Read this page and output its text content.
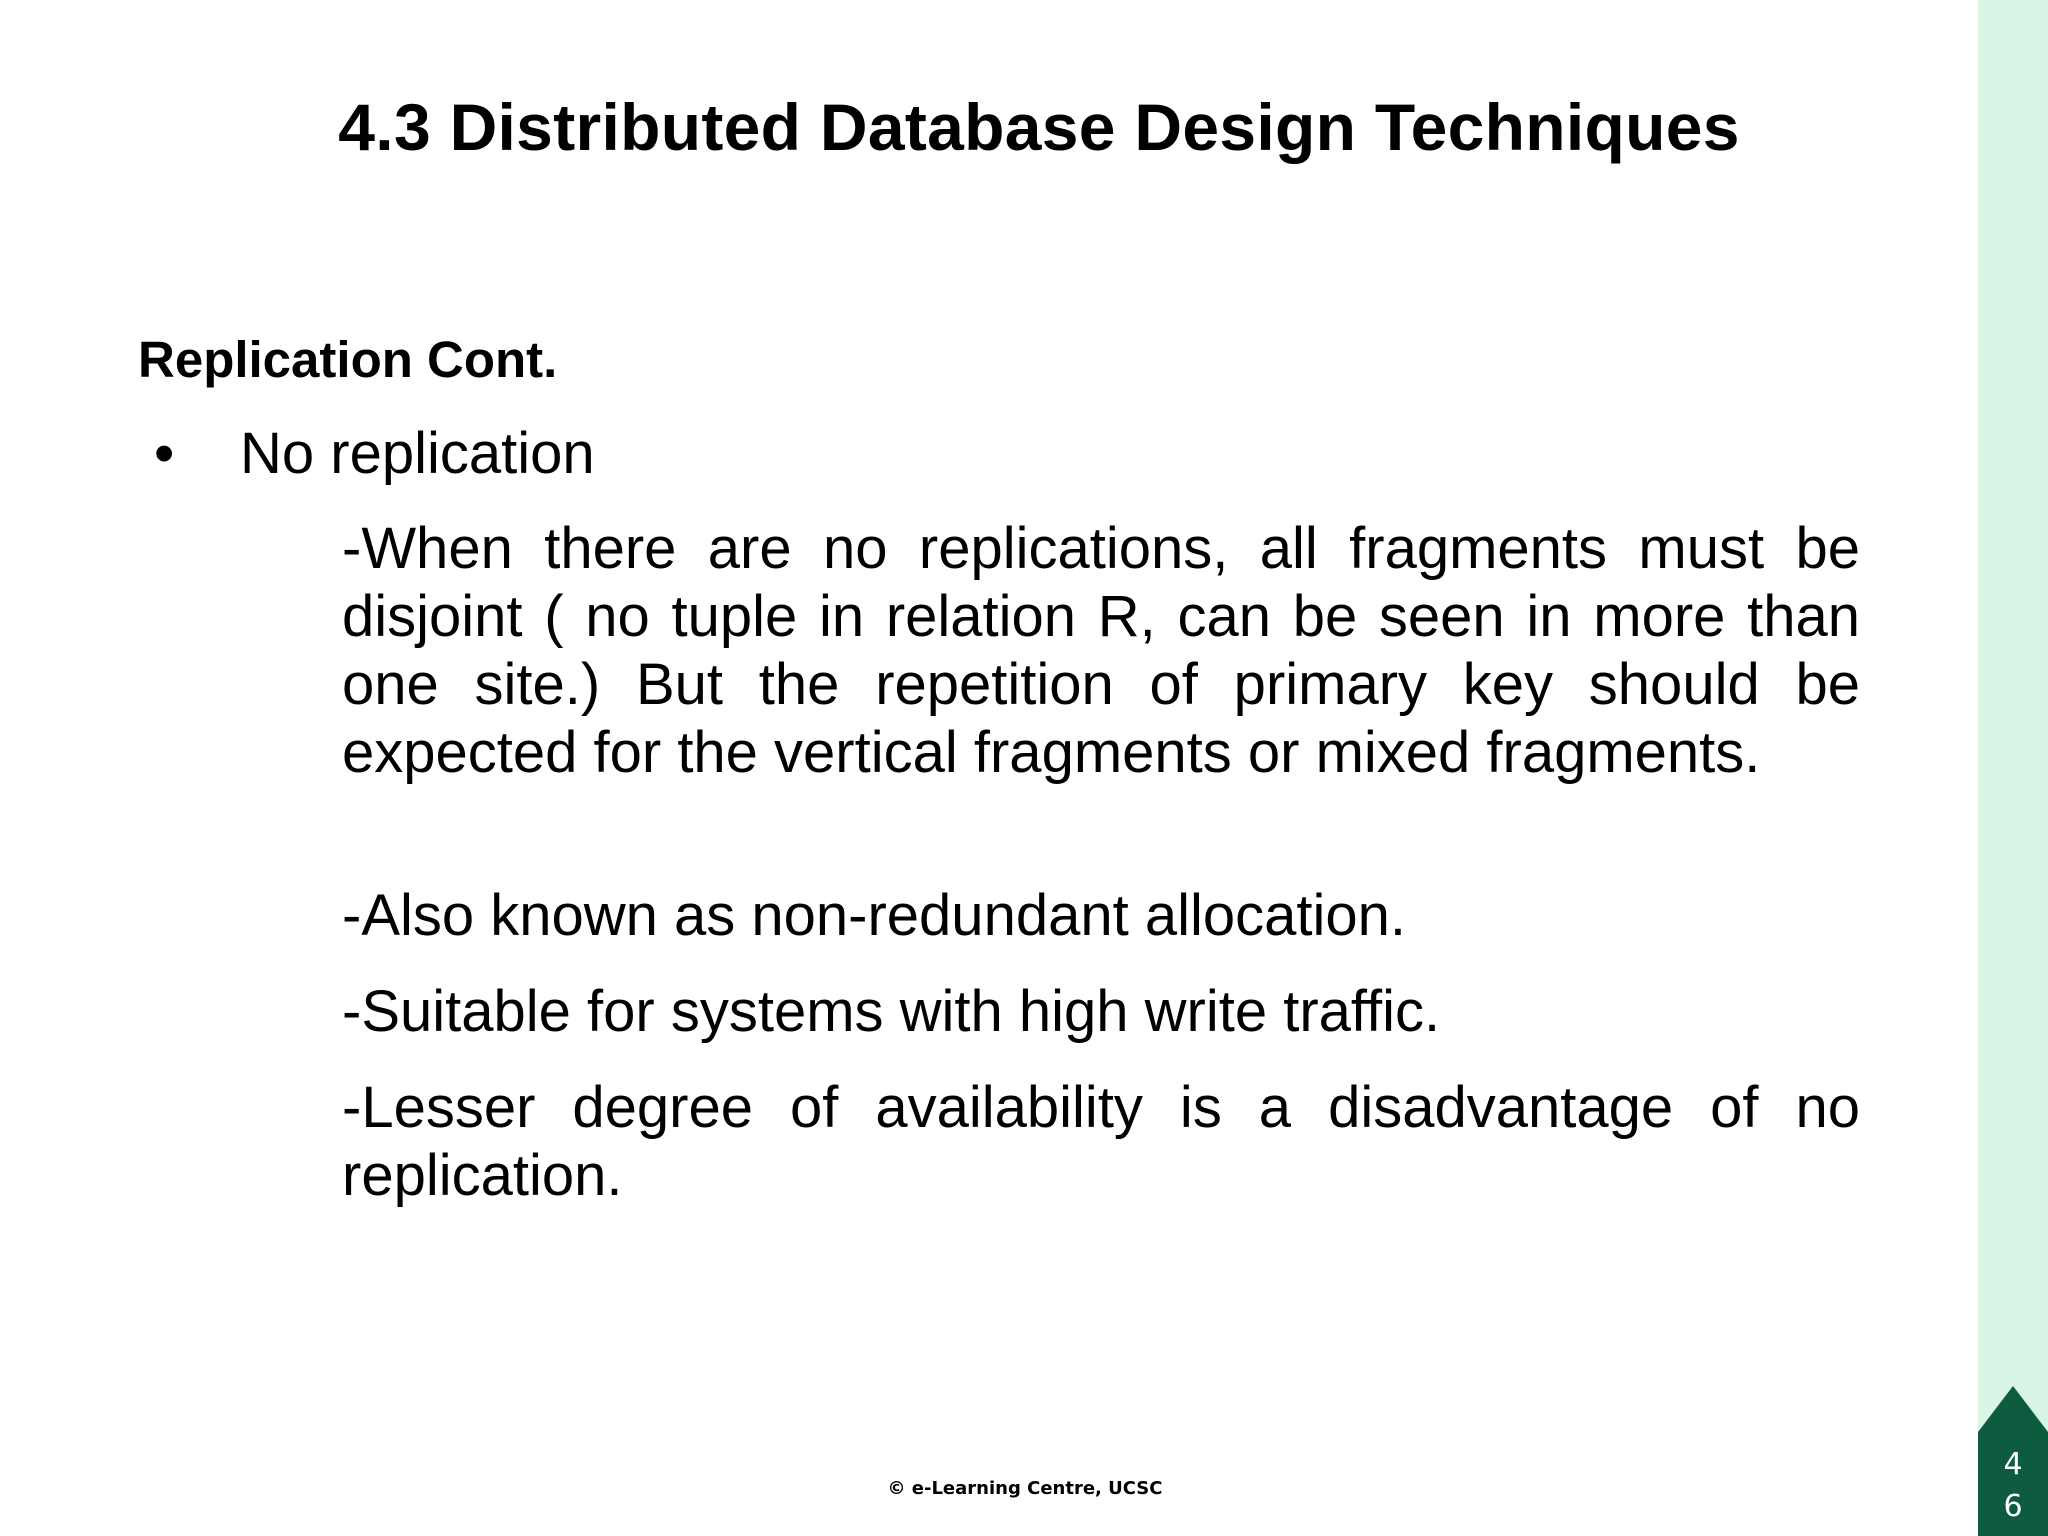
46
4.3 Distributed Database Design Techniques
Replication Cont.
•	No replication
-When there are no replications, all fragments must be disjoint ( no tuple in relation R, can be seen in more than one site.) But the repetition of primary key should be expected for the vertical fragments or mixed fragments.
-Also known as non-redundant allocation.
-Suitable for systems with high write traffic.
-Lesser degree of availability is a disadvantage of no replication.
© e-Learning Centre, UCSC
